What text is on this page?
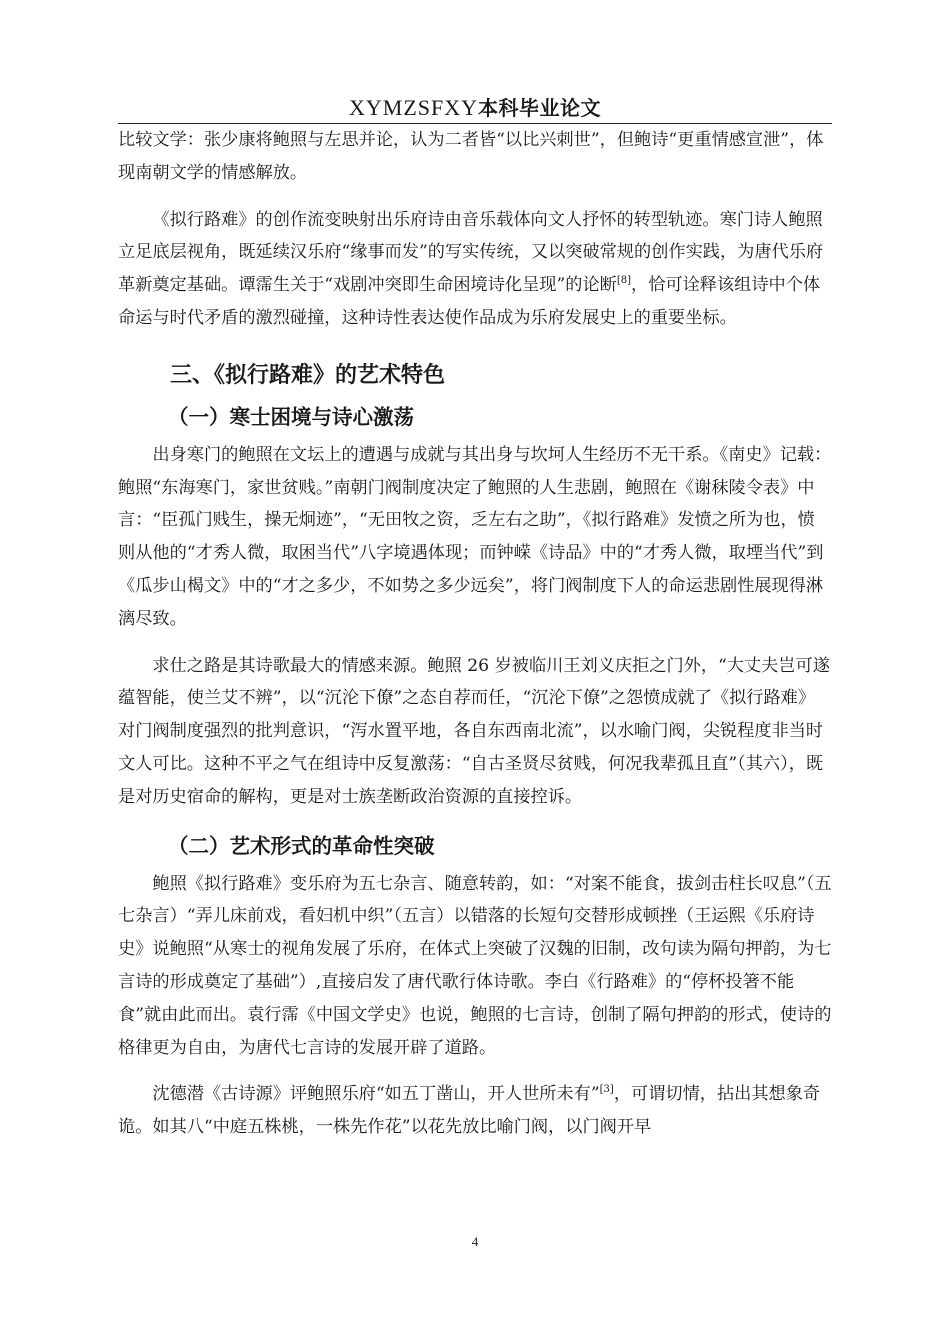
XYMZSFXY本科毕业论文

比较文学：张少康将鲍照与左思并论，认为二者皆“以比兴刺世”，但鲍诗“更重情感宣泄”，体现南朝文学的情感解放。

《拟行路难》的创作流变映射出乐府诗由音乐载体向文人抒怀的转型轨迹。寒门诗人鲍照立足底层视角，既延续汉乐府“缘事而发”的写实传统，又以突破常规的创作实践，为唐代乐府革新奠定基础。谭霈生关于“戏剧冲突即生命困境诗化呈现”的论断[8]，恰可诠释该组诗中个体命运与时代矛盾的激烈碰撞，这种诗性表达使作品成为乐府发展史上的重要坐标。

三、《拟行路难》的艺术特色
（一）寒士困境与诗心激荡

出身寒门的鲍照在文坛上的遭遇与成就与其出身与坎坷人生经历不无干系。《南史》记载：鲍照“东海寒门，家世贫贱。”南朝门阀制度决定了鲍照的人生悲剧，鲍照在《谢秣陵令表》中言：“臣孤门贱生，操无炯迹”，“无田牧之资，乏左右之助”，《拟行路难》发愤之所为也，愤则从他的“才秀人微，取困当代”八字境遇体现；而钟嵘《诗品》中的“才秀人微，取堙当代”到《瓜步山楬文》中的“才之多少，不如势之多少远矣”，将门阀制度下人的命运悲剧性展现得淋漓尽致。

求仕之路是其诗歌最大的情感来源。鲍照 26 岁被临川王刘义庆拒之门外，“大丈夫岂可遂蕴智能，使兰艾不辨”，以“沉沦下僚”之态自荐而任，“沉沦下僚”之怨愤成就了《拟行路难》对门阀制度强烈的批判意识，“泻水置平地，各自东西南北流”，以水喻门阀，尖锐程度非当时文人可比。这种不平之气在组诗中反复激荡：“自古圣贤尽贫贱，何况我辈孤且直”（其六），既是对历史宿命的解构，更是对士族垄断政治资源的直接控诉。

（二）艺术形式的革命性突破

鲍照《拟行路难》变乐府为五七杂言、随意转韵，如：“对案不能食，拔剑击柱长叹息”（五七杂言）“弄儿床前戏，看妇机中织”（五言）以错落的长短句交替形成顿挫（王运熙《乐府诗史》说鲍照“从寒士的视角发展了乐府，在体式上突破了汉魏的旧制，改句读为隔句押韵，为七言诗的形成奠定了基础”）,直接启发了唐代歌行体诗歌。李白《行路难》的“停杯投箸不能食”就由此而出。袁行霈《中国文学史》也说，鲍照的七言诗，创制了隔句押韵的形式，使诗的格律更为自由，为唐代七言诗的发展开辟了道路。

沈德潜《古诗源》评鲍照乐府“如五丁凿山，开人世所未有”[3]，可谓切情，拈出其想象奇诡。如其八“中庭五株桃，一株先作花”以花先放比喻门阀，以门阀开早

4
